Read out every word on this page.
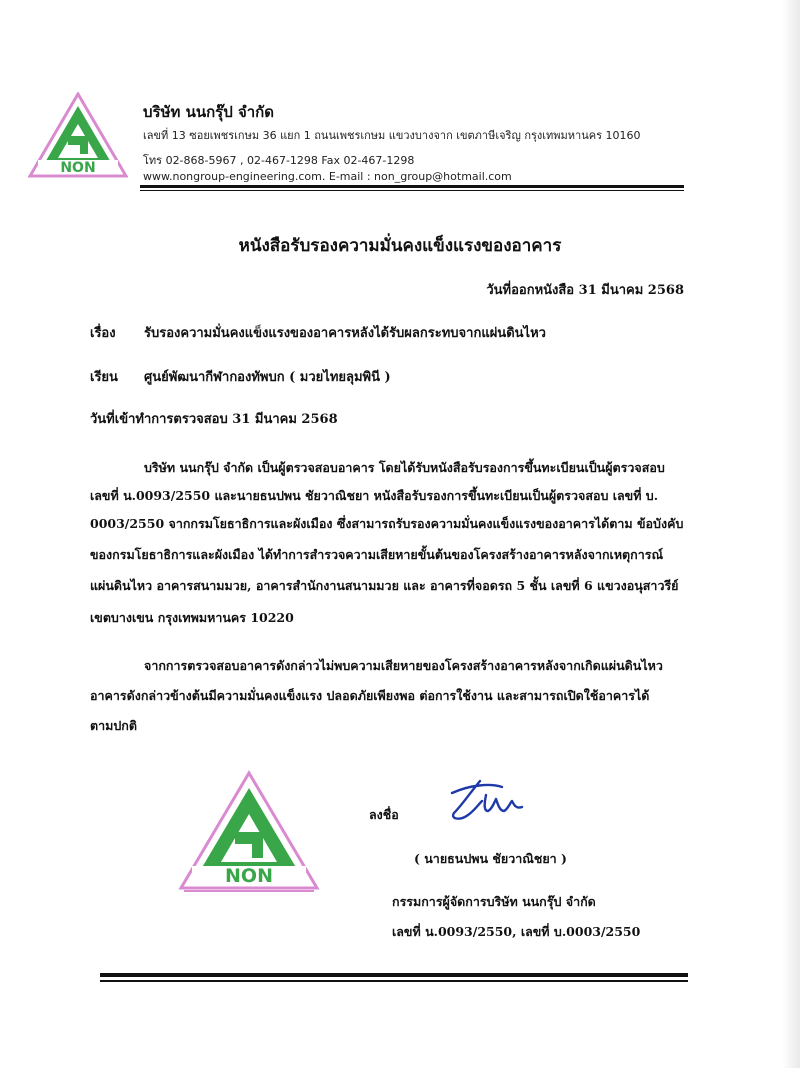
NON
บริษัท นนกรุ๊ป จำกัด
เลขที่ 13 ซอยเพชรเกษม 36 แยก 1 ถนนเพชรเกษม แขวงบางจาก เขตภาษีเจริญ กรุงเทพมหานคร 10160
โทร 02-868-5967 , 02-467-1298 Fax 02-467-1298
www.nongroup-engineering.com. E-mail : non_group@hotmail.com
หนังสือรับรองความมั่นคงแข็งแรงของอาคาร
วันที่ออกหนังสือ 31 มีนาคม 2568
เรื่อง รับรองความมั่นคงแข็งแรงของอาคารหลังได้รับผลกระทบจากแผ่นดินไหว
เรียน ศูนย์พัฒนากีฬากองทัพบก ( มวยไทยลุมพินี )
วันที่เข้าทำการตรวจสอบ 31 มีนาคม 2568
บริษัท นนกรุ๊ป จำกัด เป็นผู้ตรวจสอบอาคาร โดยได้รับหนังสือรับรองการขึ้นทะเบียนเป็นผู้ตรวจสอบ
เลขที่ น.0093/2550 และนายธนปพน ชัยวาณิชยา หนังสือรับรองการขึ้นทะเบียนเป็นผู้ตรวจสอบ เลขที่ บ.
0003/2550 จากกรมโยธาธิการและผังเมือง ซึ่งสามารถรับรองความมั่นคงแข็งแรงของอาคารได้ตาม ข้อบังคับ
ของกรมโยธาธิการและผังเมือง ได้ทำการสำรวจความเสียหายขั้นต้นของโครงสร้างอาคารหลังจากเหตุการณ์
แผ่นดินไหว อาคารสนามมวย, อาคารสำนักงานสนามมวย และ อาคารที่จอดรถ 5 ชั้น เลขที่ 6 แขวงอนุสาวรีย์
เขตบางเขน กรุงเทพมหานคร 10220
จากการตรวจสอบอาคารดังกล่าวไม่พบความเสียหายของโครงสร้างอาคารหลังจากเกิดแผ่นดินไหว
อาคารดังกล่าวข้างต้นมีความมั่นคงแข็งแรง ปลอดภัยเพียงพอ ต่อการใช้งาน และสามารถเปิดใช้อาคารได้
ตามปกติ
NON
ลงชื่อ
( นายธนปพน ชัยวาณิชยา )
กรรมการผู้จัดการบริษัท นนกรุ๊ป จำกัด
เลขที่ น.0093/2550, เลขที่ บ.0003/2550
